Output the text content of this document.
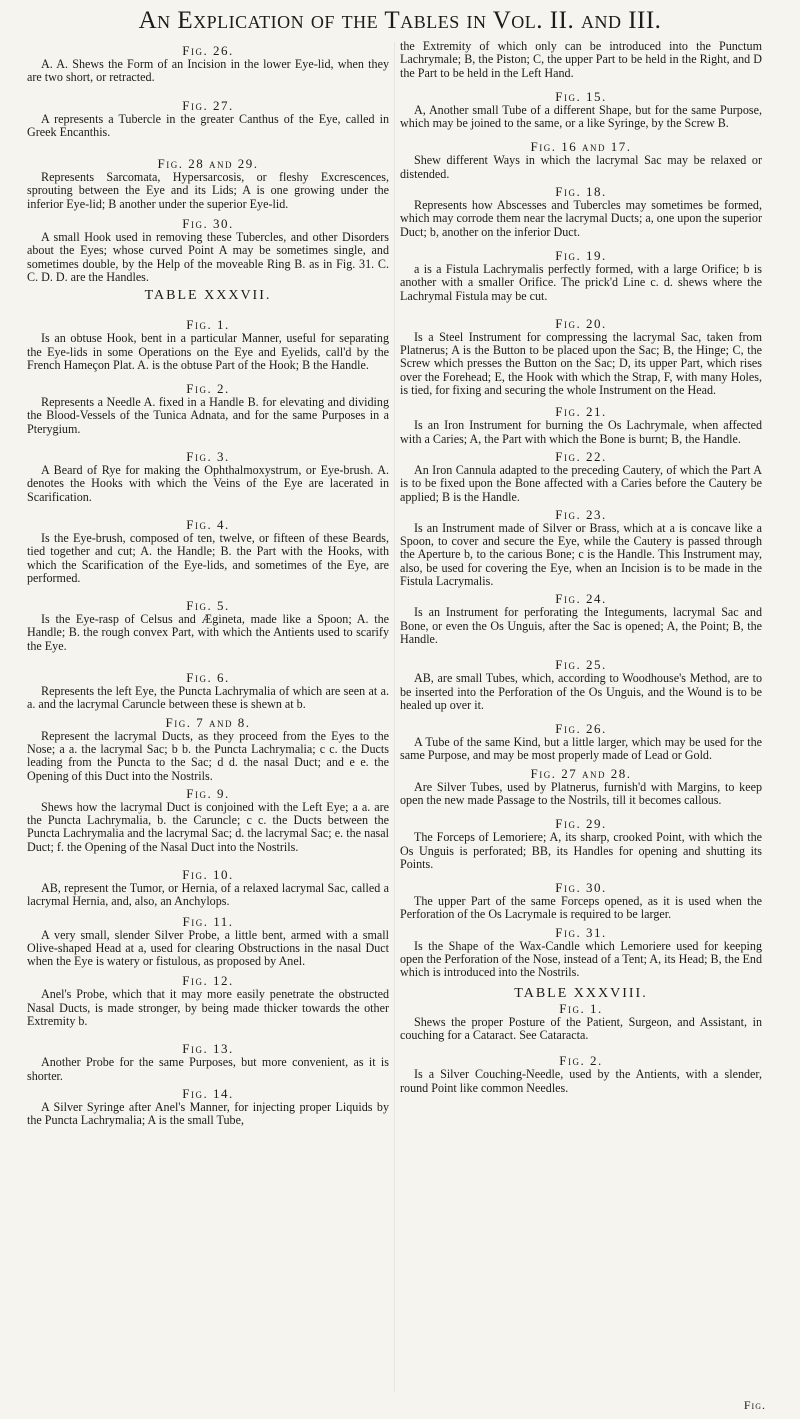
An Explication of the Tables in Vol. II. and III.
Fig. 26.

A. A. Shews the Form of an Incision in the lower Eye-lid, when they are two short, or retracted.

Fig. 27.

A represents a Tubercle in the greater Canthus of the Eye, called in Greek Encanthis.

Fig. 28 and 29.

Represents Sarcomata, Hypersarcosis, or fleshy Excrescences, sprouting between the Eye and its Lids; A is one growing under the inferior Eye-lid; B another under the superior Eye-lid.

Fig. 30.

A small Hook used in removing these Tubercles, and other Disorders about the Eyes; whose curved Point A may be sometimes single, and sometimes double, by the Help of the moveable Ring B. as in Fig. 31. C. C. D. D. are the Handles.

TABLE XXXVII.
Fig. 1.

Is an obtuse Hook, bent in a particular Manner, useful for separating the Eye-lids in some Operations on the Eye and Eyelids, call'd by the French Hameçon Plat. A. is the obtuse Part of the Hook; B the Handle.

Fig. 2.

Represents a Needle A. fixed in a Handle B. for elevating and dividing the Blood-Vessels of the Tunica Adnata, and for the same Purposes in a Pterygium.

Fig. 3.

A Beard of Rye for making the Ophthalmoxystrum, or Eye-brush. A. denotes the Hooks with which the Veins of the Eye are lacerated in Scarification.

Fig. 4.

Is the Eye-brush, composed of ten, twelve, or fifteen of these Beards, tied together and cut; A. the Handle; B. the Part with the Hooks, with which the Scarification of the Eye-lids, and sometimes of the Eye, are performed.

Fig. 5.

Is the Eye-rasp of Celsus and Ægineta, made like a Spoon; A. the Handle; B. the rough convex Part, with which the Antients used to scarify the Eye.

Fig. 6.

Represents the left Eye, the Puncta Lachrymalia of which are seen at a. a. and the lacrymal Caruncle between these is shewn at b.

Fig. 7 and 8.

Represent the lacrymal Ducts, as they proceed from the Eyes to the Nose; a a. the lacrymal Sac; b b. the Puncta Lachrymalia; c c. the Ducts leading from the Puncta to the Sac; d d. the nasal Duct; and e e. the Opening of this Duct into the Nostrils.

Fig. 9.

Shews how the lacrymal Duct is conjoined with the Left Eye; a a. are the Puncta Lachrymalia, b. the Caruncle; c c. the Ducts between the Puncta Lachrymalia and the lacrymal Sac; d. the lacrymal Sac; e. the nasal Duct; f. the Opening of the Nasal Duct into the Nostrils.

Fig. 10.

AB, represent the Tumor, or Hernia, of a relaxed lacrymal Sac, called a lacrymal Hernia, and, also, an Anchylops.

Fig. 11.

A very small, slender Silver Probe, a little bent, armed with a small Olive-shaped Head at a, used for clearing Obstructions in the nasal Duct when the Eye is watery or fistulous, as proposed by Anel.

Fig. 12.

Anel's Probe, which that it may more easily penetrate the obstructed Nasal Ducts, is made stronger, by being made thicker towards the other Extremity b.

Fig. 13.

Another Probe for the same Purposes, but more convenient, as it is shorter.

Fig. 14.

A Silver Syringe after Anel's Manner, for injecting proper Liquids by the Puncta Lachrymalia; A is the small Tube,

the Extremity of which only can be introduced into the Punctum Lachrymale; B, the Piston; C, the upper Part to be held in the Right, and D the Part to be held in the Left Hand.

Fig. 15.

A, Another small Tube of a different Shape, but for the same Purpose, which may be joined to the same, or a like Syringe, by the Screw B.

Fig. 16 and 17.

Shew different Ways in which the lacrymal Sac may be relaxed or distended.

Fig. 18.

Represents how Abscesses and Tubercles may sometimes be formed, which may corrode them near the lacrymal Ducts; a, one upon the superior Duct; b, another on the inferior Duct.

Fig. 19.

a is a Fistula Lachrymalis perfectly formed, with a large Orifice; b is another with a smaller Orifice. The prick'd Line c. d. shews where the Lachrymal Fistula may be cut.

Fig. 20.

Is a Steel Instrument for compressing the lacrymal Sac, taken from Platnerus; A is the Button to be placed upon the Sac; B, the Hinge; C, the Screw which presses the Button on the Sac; D, its upper Part, which rises over the Forehead; E, the Hook with which the Strap, F, with many Holes, is tied, for fixing and securing the whole Instrument on the Head.

Fig. 21.

Is an Iron Instrument for burning the Os Lachrymale, when affected with a Caries; A, the Part with which the Bone is burnt; B, the Handle.

Fig. 22.

An Iron Cannula adapted to the preceding Cautery, of which the Part A is to be fixed upon the Bone affected with a Caries before the Cautery be applied; B is the Handle.

Fig. 23.

Is an Instrument made of Silver or Brass, which at a is concave like a Spoon, to cover and secure the Eye, while the Cautery is passed through the Aperture b, to the carious Bone; c is the Handle. This Instrument may, also, be used for covering the Eye, when an Incision is to be made in the Fistula Lacrymalis.

Fig. 24.

Is an Instrument for perforating the Integuments, lacrymal Sac and Bone, or even the Os Unguis, after the Sac is opened; A, the Point; B, the Handle.

Fig. 25.

AB, are small Tubes, which, according to Woodhouse's Method, are to be inserted into the Perforation of the Os Unguis, and the Wound is to be healed up over it.

Fig. 26.

A Tube of the same Kind, but a little larger, which may be used for the same Purpose, and may be most properly made of Lead or Gold.

Fig. 27 and 28.

Are Silver Tubes, used by Platnerus, furnish'd with Margins, to keep open the new made Passage to the Nostrils, till it becomes callous.

Fig. 29.

The Forceps of Lemoriere; A, its sharp, crooked Point, with which the Os Unguis is perforated; BB, its Handles for opening and shutting its Points.

Fig. 30.

The upper Part of the same Forceps opened, as it is used when the Perforation of the Os Lacrymale is required to be larger.

Fig. 31.

Is the Shape of the Wax-Candle which Lemoriere used for keeping open the Perforation of the Nose, instead of a Tent; A, its Head; B, the End which is introduced into the Nostrils.

TABLE XXXVIII.
Fig. 1.

Shews the proper Posture of the Patient, Surgeon, and Assistant, in couching for a Cataract. See Cataracta.

Fig. 2.

Is a Silver Couching-Needle, used by the Antients, with a slender, round Point like common Needles.

Fig.
